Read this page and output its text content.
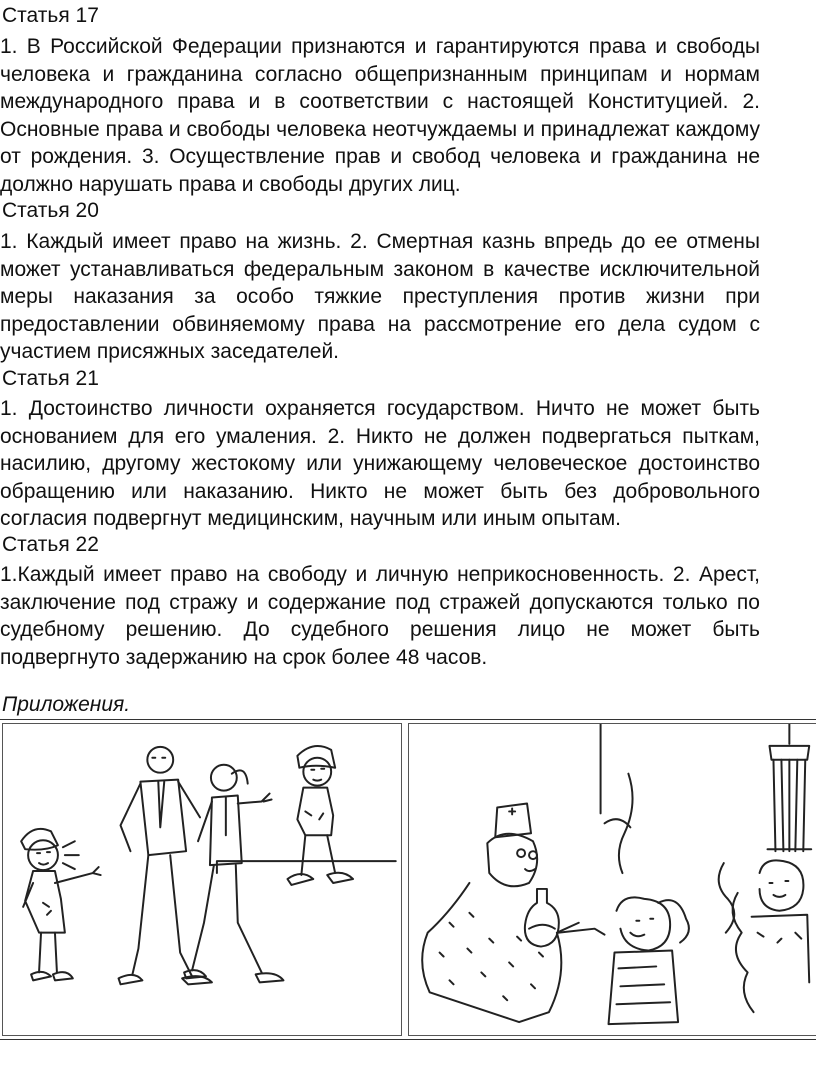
Статья 17
1. В Российской Федерации признаются и гарантируются права и свободы человека и гражданина согласно общепризнанным принципам и нормам международного права и в соответствии с настоящей Конституцией. 2. Основные права и свободы человека неотчуждаемы и принадлежат каждому от рождения. 3. Осуществление прав и свобод человека и гражданина не должно нарушать права и свободы других лиц.
Статья 20
1. Каждый имеет право на жизнь. 2. Смертная казнь впредь до ее отмены может устанавливаться федеральным законом в качестве исключительной меры наказания за особо тяжкие преступления против жизни при предоставлении обвиняемому права на рассмотрение его дела судом с участием присяжных заседателей.
Статья 21
1. Достоинство личности охраняется государством. Ничто не может быть основанием для его умаления. 2. Никто не должен подвергаться пыткам, насилию, другому жестокому или унижающему человеческое достоинство обращению или наказанию. Никто не может быть без добровольного согласия подвергнут медицинским, научным или иным опытам.
Статья 22
1.Каждый имеет право на свободу и личную неприкосновенность. 2. Арест, заключение под стражу и содержание под стражей допускаются только по судебному решению. До судебного решения лицо не может быть подвергнуто задержанию на срок более 48 часов.
Приложения.
